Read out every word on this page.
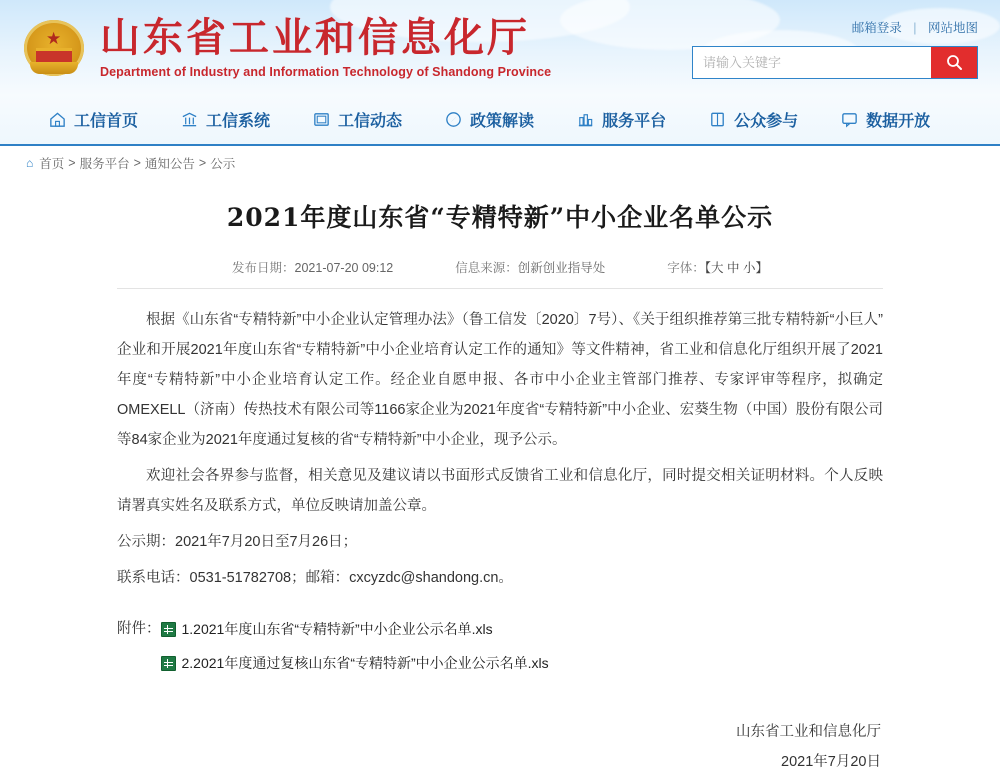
★ 山东省工业和信息化厅
Department of Industry and Information Technology of Shandong Province
邮箱登录 | 网站地图
请输入关键字
工信首页	工信系统	工信动态	政策解读	服务平台	公众参与	数据开放
⌂ 首页 > 服务平台 > 通知公告 > 公示
2021年度山东省“专精特新”中小企业名单公示
发布日期：2021-07-20 09:12	信息来源：创新创业指导处	字体：【大 中 小】

根据《山东省“专精特新”中小企业认定管理办法》（鲁工信发〔2020〕7号）、《关于组织推荐第三批专精特新“小巨人”企业和开展2021年度山东省“专精特新”中小企业培育认定工作的通知》等文件精神，省工业和信息化厅组织开展了2021年度“专精特新”中小企业培育认定工作。经企业自愿申报、各市中小企业主管部门推荐、专家评审等程序，拟确定OMEXELL（济南）传热技术有限公司等1166家企业为2021年度省“专精特新”中小企业、宏葵生物（中国）股份有限公司等84家企业为2021年度通过复核的省“专精特新”中小企业，现予公示。

欢迎社会各界参与监督，相关意见及建议请以书面形式反馈省工业和信息化厅，同时提交相关证明材料。个人反映请署真实姓名及联系方式，单位反映请加盖公章。

公示期：2021年7月20日至7月26日；

联系电话：0531-51782708；邮箱：cxcyzdc@shandong.cn。

附件： 1.2021年度山东省“专精特新”中小企业公示名单.xls
2.2021年度通过复核山东省“专精特新”中小企业公示名单.xls
山东省工业和信息化厅
2021年7月20日
